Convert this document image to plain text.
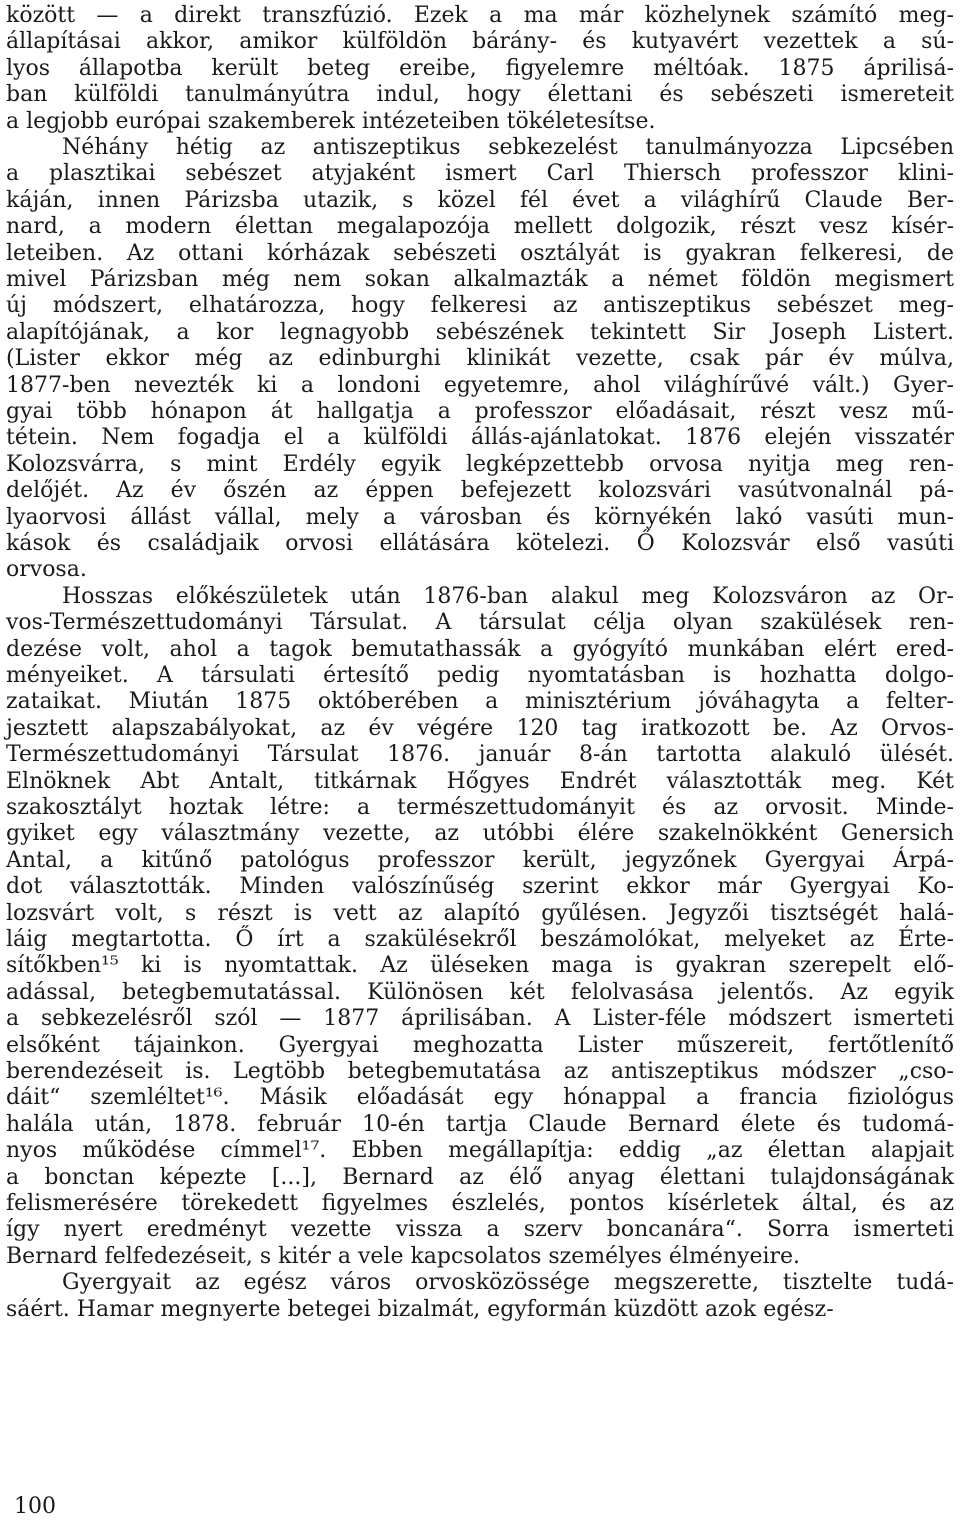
között — a direkt transzfúzió. Ezek a ma már közhelynek számító meg-
állapításai akkor, amikor külföldön bárány- és kutyavért vezettek a sú-
lyos állapotba került beteg ereibe, figyelemre méltóak. 1875 áprilisá-
ban külföldi tanulmányútra indul, hogy élettani és sebészeti ismereteit
a legjobb európai szakemberek intézeteiben tökéletesítse.
Néhány hétig az antiszeptikus sebkezelést tanulmányozza Lipcsében
a plasztikai sebészet atyjaként ismert Carl Thiersch professzor klini-
káján, innen Párizsba utazik, s közel fél évet a világhírű Claude Ber-
nard, a modern élettan megalapozója mellett dolgozik, részt vesz kísér-
leteiben. Az ottani kórházak sebészeti osztályát is gyakran felkeresi, de
mivel Párizsban még nem sokan alkalmazták a német földön megismert
új módszert, elhatározza, hogy felkeresi az antiszeptikus sebészet meg-
alapítójának, a kor legnagyobb sebészének tekintett Sir Joseph Listert.
(Lister ekkor még az edinburghi klinikát vezette, csak pár év múlva,
1877-ben nevezték ki a londoni egyetemre, ahol világhírűvé vált.) Gyer-
gyai több hónapon át hallgatja a professzor előadásait, részt vesz mű-
tétein. Nem fogadja el a külföldi állás-ajánlatokat. 1876 elején visszatér
Kolozsvárra, s mint Erdély egyik legképzettebb orvosa nyitja meg ren-
delőjét. Az év őszén az éppen befejezett kolozsvári vasútvonalnál pá-
lyaorvosi állást vállal, mely a városban és környékén lakó vasúti mun-
kások és családjaik orvosi ellátására kötelezi. Ő Kolozsvár első vasúti
orvosa.
Hosszas előkészületek után 1876-ban alakul meg Kolozsváron az Or-
vos-Természettudományi Társulat. A társulat célja olyan szakülések ren-
dezése volt, ahol a tagok bemutathassák a gyógyító munkában elért ered-
ményeiket. A társulati értesítő pedig nyomtatásban is hozhatta dolgo-
zataikat. Miután 1875 októberében a minisztérium jóváhagyta a felter-
jesztett alapszabályokat, az év végére 120 tag iratkozott be. Az Orvos-
Természettudományi Társulat 1876. január 8-án tartotta alakuló ülését.
Elnöknek Abt Antalt, titkárnak Hőgyes Endrét választották meg. Két
szakosztályt hoztak létre: a természettudományit és az orvosit. Minde-
gyiket egy választmány vezette, az utóbbi élére szakelnökként Genersich
Antal, a kitűnő patológus professzor került, jegyzőnek Gyergyai Árpá-
dot választották. Minden valószínűség szerint ekkor már Gyergyai Ko-
lozsvárt volt, s részt is vett az alapító gyűlésen. Jegyzői tisztségét halá-
láig megtartotta. Ő írt a szakülésekről beszámolókat, melyeket az Érte-
sítőkben¹⁵ ki is nyomtattak. Az üléseken maga is gyakran szerepelt elő-
adással, betegbemutatással. Különösen két felolvasása jelentős. Az egyik
a sebkezelésről szól — 1877 áprilisában. A Lister-féle módszert ismerteti
elsőként tájainkon. Gyergyai meghozatta Lister műszereit, fertőtlenítő
berendezéseit is. Legtöbb betegbemutatása az antiszeptikus módszer „cso-
dáit“ szemléltet¹⁶. Másik előadását egy hónappal a francia fiziológus
halála után, 1878. február 10-én tartja Claude Bernard élete és tudomá-
nyos működése címmel¹⁷. Ebben megállapítja: eddig „az élettan alapjait
a bonctan képezte [...], Bernard az élő anyag élettani tulajdonságának
felismerésére törekedett figyelmes észlelés, pontos kísérletek által, és az
így nyert eredményt vezette vissza a szerv boncanára“. Sorra ismerteti
Bernard felfedezéseit, s kitér a vele kapcsolatos személyes élményeire.
Gyergyait az egész város orvosközössége megszerette, tisztelte tudá-
sáért. Hamar megnyerte betegei bizalmát, egyformán küzdött azok egész-
100
